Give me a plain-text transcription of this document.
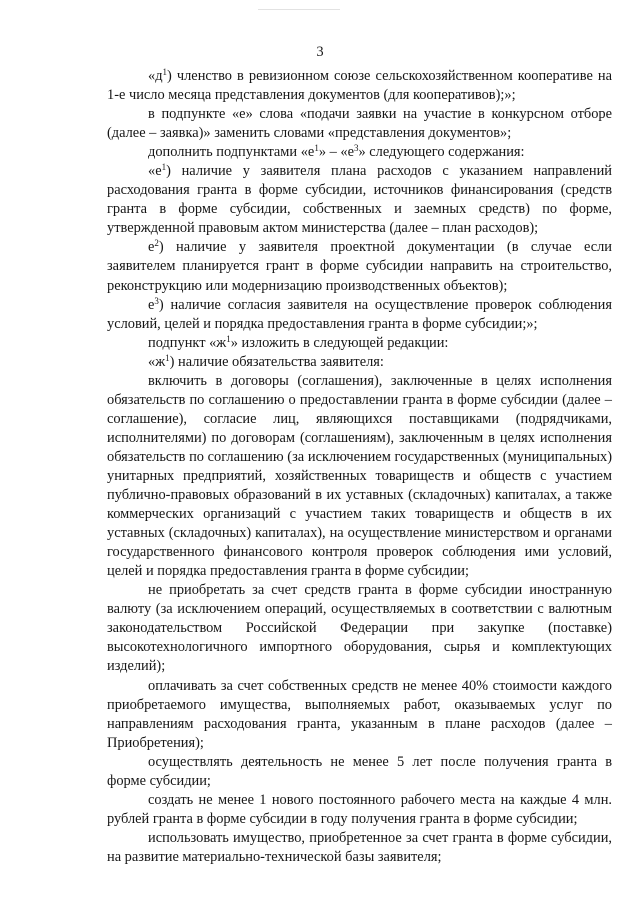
3

«$д^1$) членство в ревизионном союзе сельскохозяйственном кооперативе на 1-е число месяца представления документов (для кооперативов);»;

в подпункте «е» слова «подачи заявки на участие в конкурсном отборе (далее – заявка)» заменить словами «представления документов»;

дополнить подпунктами «$е^1$» – «$е^3$» следующего содержания:

«$е^1$) наличие у заявителя плана расходов с указанием направлений расходования гранта в форме субсидии, источников финансирования (средств гранта в форме субсидии, собственных и заемных средств) по форме, утвержденной правовым актом министерства (далее – план расходов);

$е^2$) наличие у заявителя проектной документации (в случае если заявителем планируется грант в форме субсидии направить на строительство, реконструкцию или модернизацию производственных объектов);

$е^3$) наличие согласия заявителя на осуществление проверок соблюдения условий, целей и порядка предоставления гранта в форме субсидии;»;

подпункт «$ж^1$» изложить в следующей редакции:

«$ж^1$) наличие обязательства заявителя:

включить в договоры (соглашения), заключенные в целях исполнения обязательств по соглашению о предоставлении гранта в форме субсидии (далее – соглашение), согласие лиц, являющихся поставщиками (подрядчиками, исполнителями) по договорам (соглашениям), заключенным в целях исполнения обязательств по соглашению (за исключением государственных (муниципальных) унитарных предприятий, хозяйственных товариществ и обществ с участием публично-правовых образований в их уставных (складочных) капиталах, а также коммерческих организаций с участием таких товариществ и обществ в их уставных (складочных) капиталах), на осуществление министерством и органами государственного финансового контроля проверок соблюдения ими условий, целей и порядка предоставления гранта в форме субсидии;

не приобретать за счет средств гранта в форме субсидии иностранную валюту (за исключением операций, осуществляемых в соответствии с валютным законодательством Российской Федерации при закупке (поставке) высокотехнологичного импортного оборудования, сырья и комплектующих изделий);

оплачивать за счет собственных средств не менее 40% стоимости каждого приобретаемого имущества, выполняемых работ, оказываемых услуг по направлениям расходования гранта, указанным в плане расходов (далее – Приобретения);

осуществлять деятельность не менее 5 лет после получения гранта в форме субсидии;

создать не менее 1 нового постоянного рабочего места на каждые 4 млн. рублей гранта в форме субсидии в году получения гранта в форме субсидии;

использовать имущество, приобретенное за счет гранта в форме субсидии, на развитие материально-технической базы заявителя;
